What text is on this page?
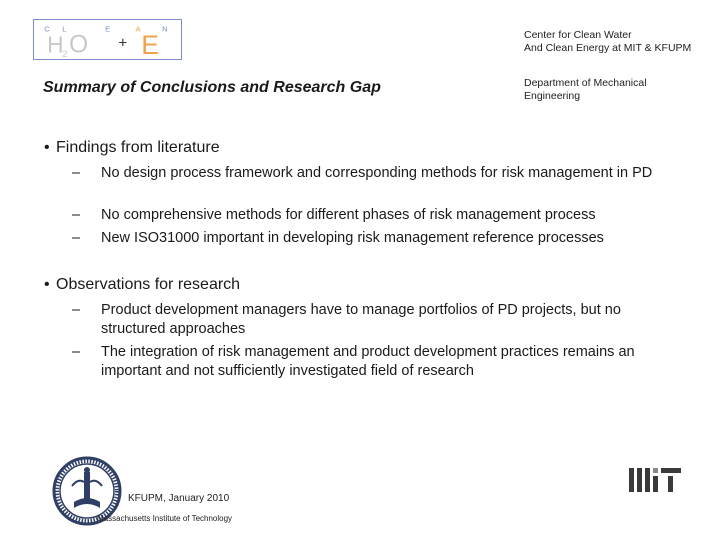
C L	E	A	N
H
2 O + E	Center for Clean Water
And Clean Energy at MIT & KFUPM
Summary of Conclusions and Research Gap	Department of Mechanical
Engineering
• Findings from literature
– No design process framework and corresponding methods for risk management in PD
– No comprehensive methods for different phases of risk management process
– New ISO31000 important in developing risk management reference processes
• Observations for research
– Product development managers have to manage portfolios of PD projects, but no structured approaches
– The integration of risk management and product development practices remains an important and not sufficiently investigated field of research
KFUPM, January 2010
Massachusetts Institute of Technology
